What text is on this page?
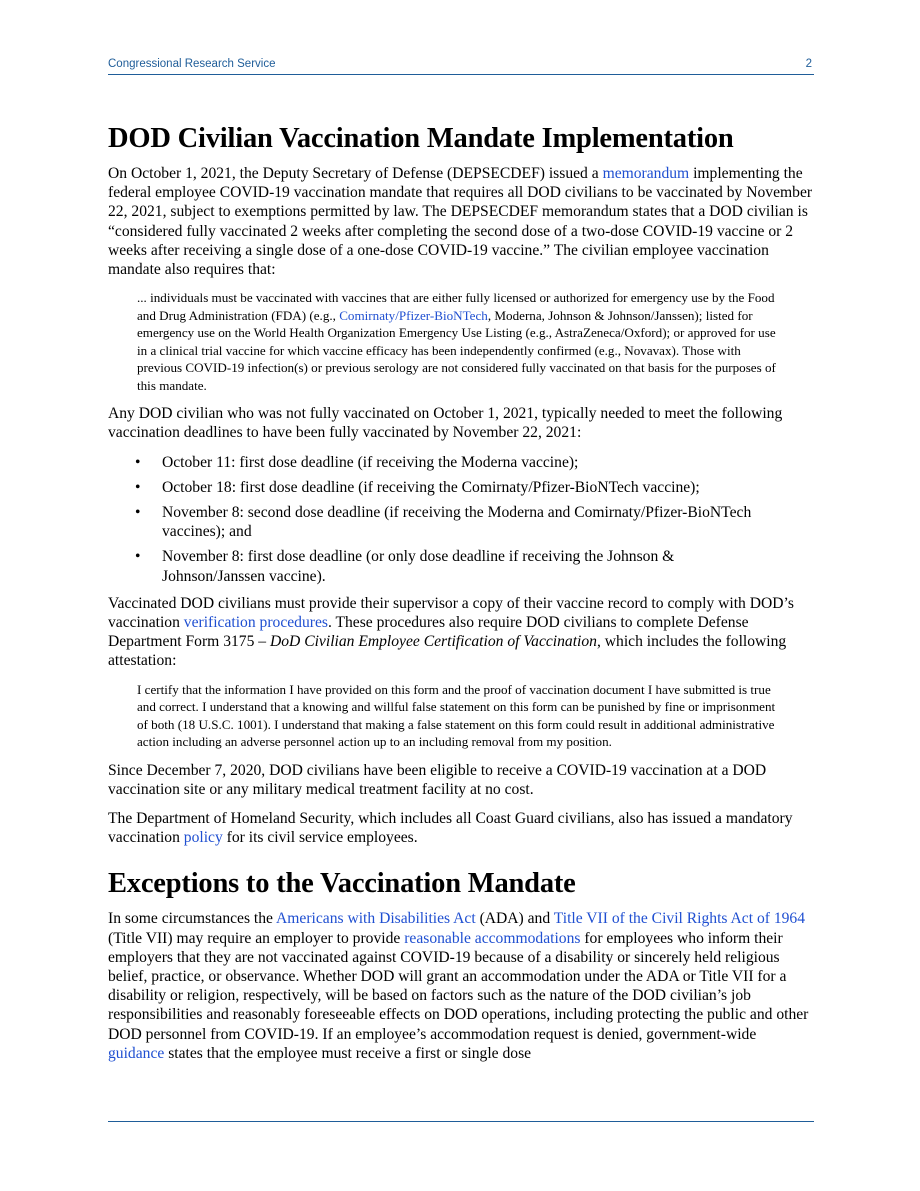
Congressional Research Service	2
DOD Civilian Vaccination Mandate Implementation

On October 1, 2021, the Deputy Secretary of Defense (DEPSECDEF) issued a memorandum implementing the federal employee COVID-19 vaccination mandate that requires all DOD civilians to be vaccinated by November 22, 2021, subject to exemptions permitted by law. The DEPSECDEF memorandum states that a DOD civilian is “considered fully vaccinated 2 weeks after completing the second dose of a two-dose COVID-19 vaccine or 2 weeks after receiving a single dose of a one-dose COVID-19 vaccine.” The civilian employee vaccination mandate also requires that:

... individuals must be vaccinated with vaccines that are either fully licensed or authorized for emergency use by the Food and Drug Administration (FDA) (e.g., Comirnaty/Pfizer-BioNTech, Moderna, Johnson & Johnson/Janssen); listed for emergency use on the World Health Organization Emergency Use Listing (e.g., AstraZeneca/Oxford); or approved for use in a clinical trial vaccine for which vaccine efficacy has been independently confirmed (e.g., Novavax). Those with previous COVID-19 infection(s) or previous serology are not considered fully vaccinated on that basis for the purposes of this mandate.

Any DOD civilian who was not fully vaccinated on October 1, 2021, typically needed to meet the following vaccination deadlines to have been fully vaccinated by November 22, 2021:

• October 11: first dose deadline (if receiving the Moderna vaccine);
• October 18: first dose deadline (if receiving the Comirnaty/Pfizer-BioNTech vaccine);
• November 8: second dose deadline (if receiving the Moderna and Comirnaty/Pfizer-BioNTech vaccines); and
• November 8: first dose deadline (or only dose deadline if receiving the Johnson & Johnson/Janssen vaccine).

Vaccinated DOD civilians must provide their supervisor a copy of their vaccine record to comply with DOD’s vaccination verification procedures. These procedures also require DOD civilians to complete Defense Department Form 3175 – DoD Civilian Employee Certification of Vaccination, which includes the following attestation:

I certify that the information I have provided on this form and the proof of vaccination document I have submitted is true and correct. I understand that a knowing and willful false statement on this form can be punished by fine or imprisonment of both (18 U.S.C. 1001). I understand that making a false statement on this form could result in additional administrative action including an adverse personnel action up to an including removal from my position.

Since December 7, 2020, DOD civilians have been eligible to receive a COVID-19 vaccination at a DOD vaccination site or any military medical treatment facility at no cost.

The Department of Homeland Security, which includes all Coast Guard civilians, also has issued a mandatory vaccination policy for its civil service employees.

Exceptions to the Vaccination Mandate

In some circumstances the Americans with Disabilities Act (ADA) and Title VII of the Civil Rights Act of 1964 (Title VII) may require an employer to provide reasonable accommodations for employees who inform their employers that they are not vaccinated against COVID-19 because of a disability or sincerely held religious belief, practice, or observance. Whether DOD will grant an accommodation under the ADA or Title VII for a disability or religion, respectively, will be based on factors such as the nature of the DOD civilian’s job responsibilities and reasonably foreseeable effects on DOD operations, including protecting the public and other DOD personnel from COVID-19. If an employee’s accommodation request is denied, government-wide guidance states that the employee must receive a first or single dose
